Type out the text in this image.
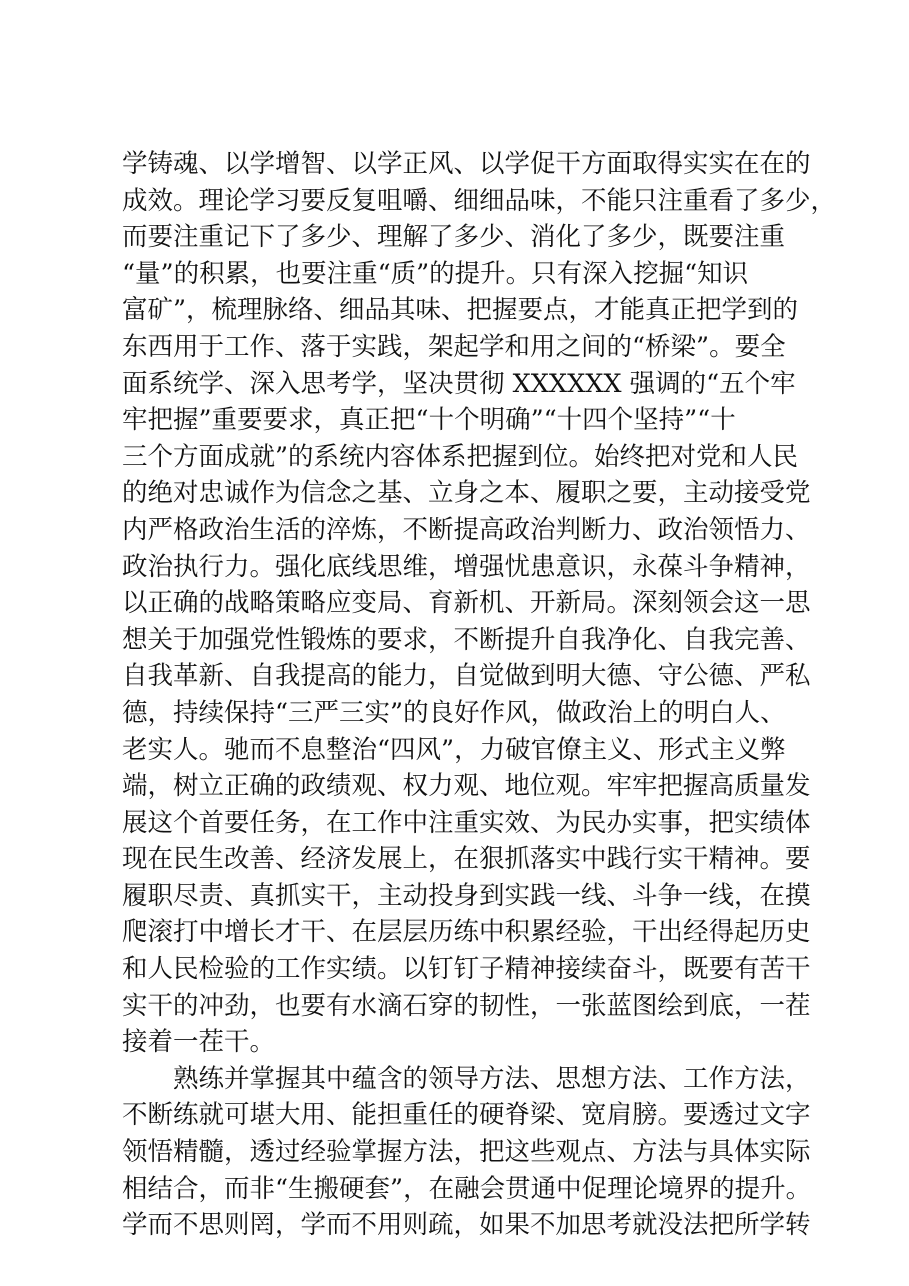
学铸魂、以学增智、以学正风、以学促干方面取得实实在在的
成效。理论学习要反复咀嚼、细细品味，不能只注重看了多少，
而要注重记下了多少、理解了多少、消化了多少，既要注重
“量”的积累，也要注重“质”的提升。只有深入挖掘“知识
富矿”，梳理脉络、细品其味、把握要点，才能真正把学到的
东西用于工作、落于实践，架起学和用之间的“桥梁”。要全
面系统学、深入思考学，坚决贯彻 XXXXXX 强调的“五个牢
牢把握”重要要求，真正把“十个明确”“十四个坚持”“十
三个方面成就”的系统内容体系把握到位。始终把对党和人民
的绝对忠诚作为信念之基、立身之本、履职之要，主动接受党
内严格政治生活的淬炼，不断提高政治判断力、政治领悟力、
政治执行力。强化底线思维，增强忧患意识，永葆斗争精神，
以正确的战略策略应变局、育新机、开新局。深刻领会这一思
想关于加强党性锻炼的要求，不断提升自我净化、自我完善、
自我革新、自我提高的能力，自觉做到明大德、守公德、严私
德，持续保持“三严三实”的良好作风，做政治上的明白人、
老实人。驰而不息整治“四风”，力破官僚主义、形式主义弊
端，树立正确的政绩观、权力观、地位观。牢牢把握高质量发
展这个首要任务，在工作中注重实效、为民办实事，把实绩体
现在民生改善、经济发展上，在狠抓落实中践行实干精神。要
履职尽责、真抓实干，主动投身到实践一线、斗争一线，在摸
爬滚打中增长才干、在层层历练中积累经验，干出经得起历史
和人民检验的工作实绩。以钉钉子精神接续奋斗，既要有苦干
实干的冲劲，也要有水滴石穿的韧性，一张蓝图绘到底，一茬
接着一茬干。
熟练并掌握其中蕴含的领导方法、思想方法、工作方法，
不断练就可堪大用、能担重任的硬脊梁、宽肩膀。要透过文字
领悟精髓，透过经验掌握方法，把这些观点、方法与具体实际
相结合，而非“生搬硬套”，在融会贯通中促理论境界的提升。
学而不思则罔，学而不用则疏，如果不加思考就没法把所学转
